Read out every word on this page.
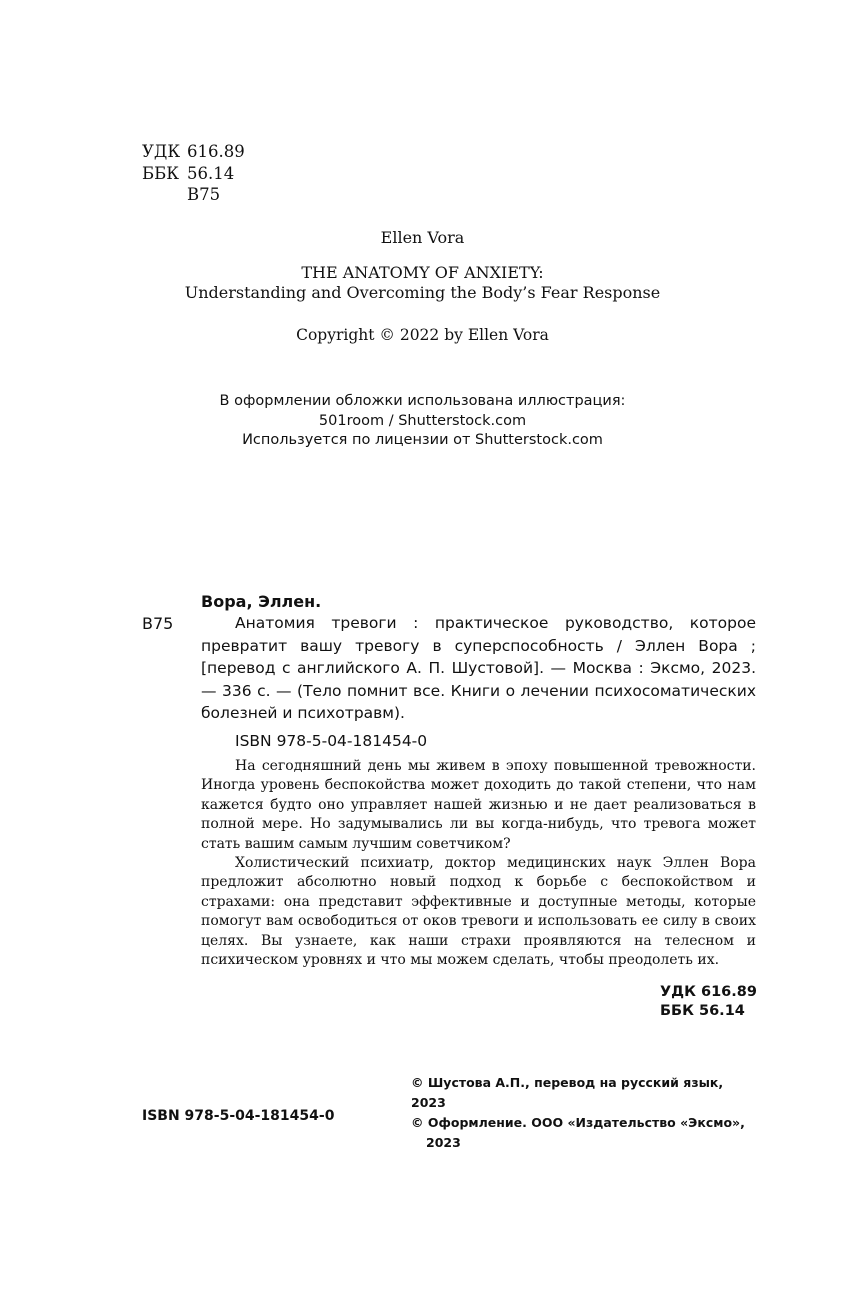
УДК 616.89
ББК 56.14
В75
Ellen Vora
THE ANATOMY OF ANXIETY:
Understanding and Overcoming the Body’s Fear Response
Copyright © 2022 by Ellen Vora
В оформлении обложки использована иллюстрация:
501room / Shutterstock.com
Используется по лицензии от Shutterstock.com
Вора, Эллен.
В75	Анатомия тревоги : практическое руководство, которое превратит вашу тревогу в суперспособность / Эллен Вора ; [перевод с английского А. П. Шустовой]. — Москва : Эксмо, 2023. — 336 с. — (Тело помнит все. Книги о лечении психосоматических болезней и психотравм).
ISBN 978-5-04-181454-0

На сегодняшний день мы живем в эпоху повышенной тревожности. Иногда уровень беспокойства может доходить до такой степени, что нам кажется будто оно управляет нашей жизнью и не дает реализоваться в полной мере. Но задумывались ли вы когда-нибудь, что тревога может стать вашим самым лучшим советчиком?

Холистический психиатр, доктор медицинских наук Эллен Вора предложит абсолютно новый подход к борьбе с беспокойством и страхами: она представит эффективные и доступные методы, которые помогут вам освободиться от оков тревоги и использовать ее силу в своих целях. Вы узнаете, как наши страхи проявляются на телесном и психическом уровнях и что мы можем сделать, чтобы преодолеть их.

УДК 616.89
ББК 56.14
ISBN 978-5-04-181454-0
© Шустова А.П., перевод на русский язык, 2023
© Оформление. ООО «Издательство «Эксмо»,
2023
